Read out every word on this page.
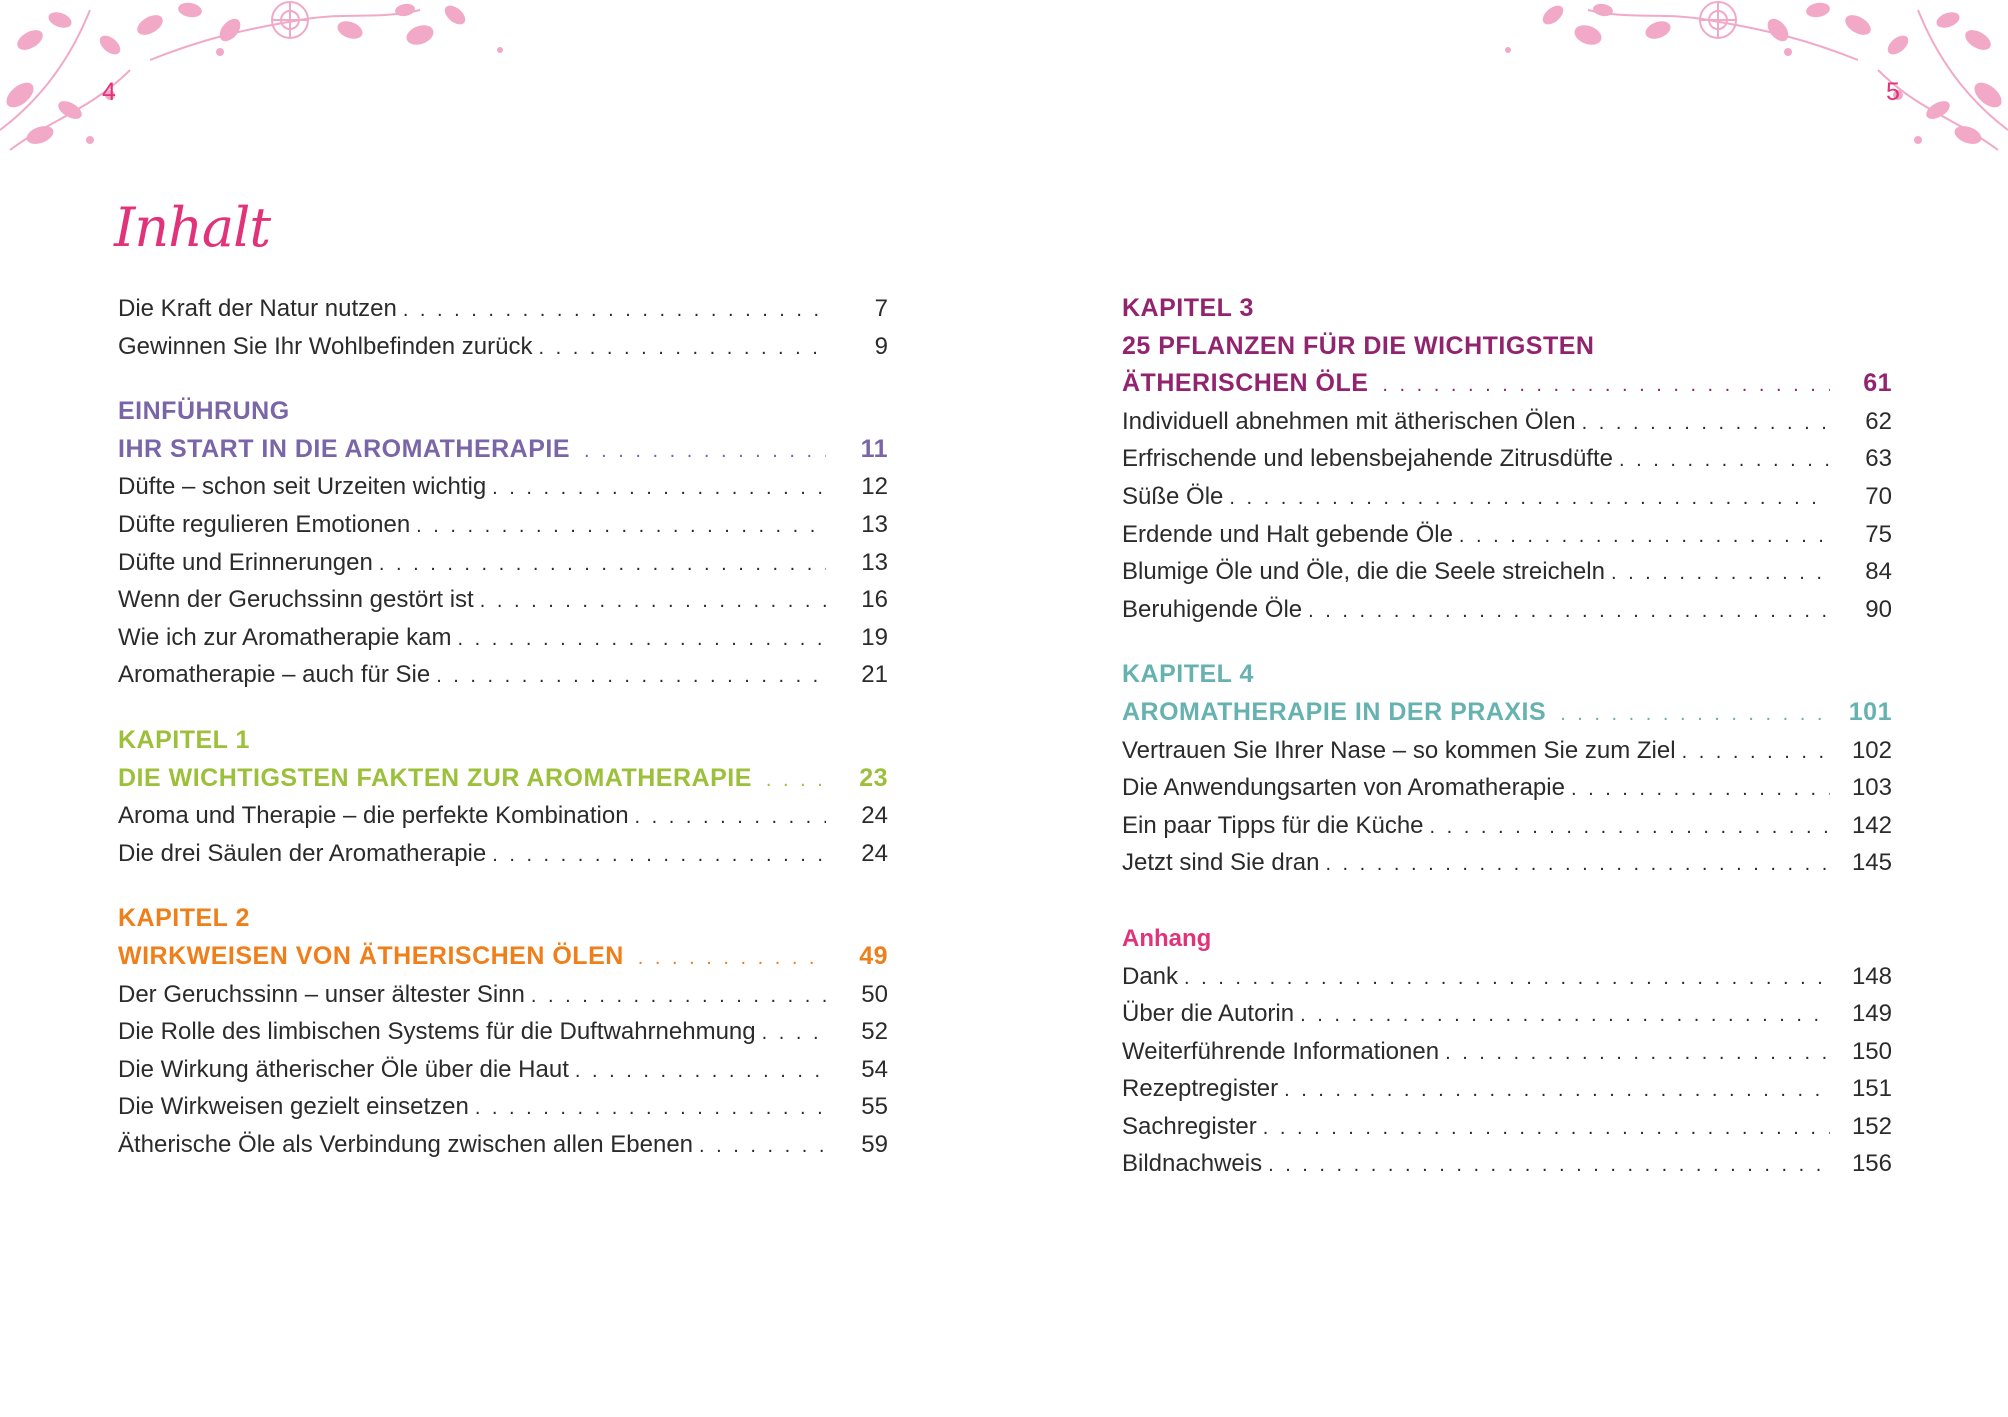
4
Inhalt
Die Kraft der Natur nutzen . . .	7
Gewinnen Sie Ihr Wohlbefinden zurück . . .	9
EINFÜHRUNG
IHR START IN DIE AROMATHERAPIE . . .	11
Düfte – schon seit Urzeiten wichtig . . .	12
Düfte regulieren Emotionen . . .	13
Düfte und Erinnerungen . . .	13
Wenn der Geruchssinn gestört ist . . .	16
Wie ich zur Aromatherapie kam . . .	19
Aromatherapie – auch für Sie . . .	21
KAPITEL 1
DIE WICHTIGSTEN FAKTEN ZUR AROMATHERAPIE . . .	23
Aroma und Therapie – die perfekte Kombination . . .	24
Die drei Säulen der Aromatherapie . . .	24
KAPITEL 2
WIRKWEISEN VON ÄTHERISCHEN ÖLEN . . .	49
Der Geruchssinn – unser ältester Sinn . . .	50
Die Rolle des limbischen Systems für die Duftwahrnehmung . . .	52
Die Wirkung ätherischer Öle über die Haut . . .	54
Die Wirkweisen gezielt einsetzen . . .	55
Ätherische Öle als Verbindung zwischen allen Ebenen . . .	59
5
KAPITEL 3
25 PFLANZEN FÜR DIE WICHTIGSTEN
ÄTHERISCHEN ÖLE . . .	61
Individuell abnehmen mit ätherischen Ölen . . .	62
Erfrischende und lebensbejahende Zitrusdüfte . . .	63
Süße Öle . . .	70
Erdende und Halt gebende Öle . . .	75
Blumige Öle und Öle, die die Seele streicheln . . .	84
Beruhigende Öle . . .	90
KAPITEL 4
AROMATHERAPIE IN DER PRAXIS . . .	101
Vertrauen Sie Ihrer Nase – so kommen Sie zum Ziel . . .	102
Die Anwendungsarten von Aromatherapie . . .	103
Ein paar Tipps für die Küche . . .	142
Jetzt sind Sie dran . . .	145
Anhang
Dank . . .	148
Über die Autorin . . .	149
Weiterführende Informationen . . .	150
Rezeptregister . . .	151
Sachregister . . .	152
Bildnachweis . . .	156
